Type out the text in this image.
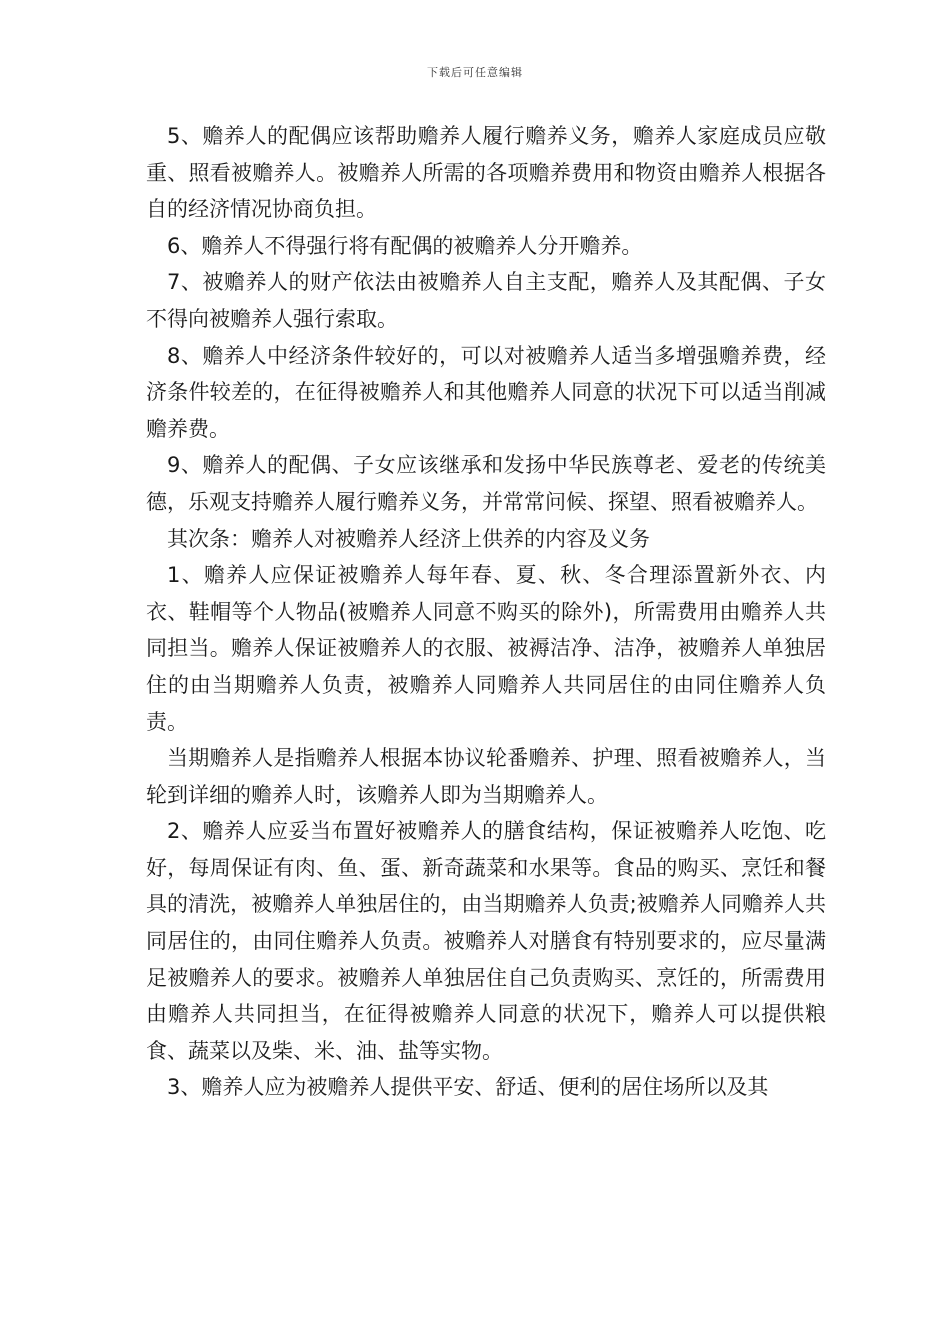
下载后可任意编辑

5、赡养人的配偶应该帮助赡养人履行赡养义务，赡养人家庭成员应敬重、照看被赡养人。被赡养人所需的各项赡养费用和物资由赡养人根据各自的经济情况协商负担。

6、赡养人不得强行将有配偶的被赡养人分开赡养。

7、被赡养人的财产依法由被赡养人自主支配，赡养人及其配偶、子女不得向被赡养人强行索取。

8、赡养人中经济条件较好的，可以对被赡养人适当多增强赡养费，经济条件较差的，在征得被赡养人和其他赡养人同意的状况下可以适当削减赡养费。

9、赡养人的配偶、子女应该继承和发扬中华民族尊老、爱老的传统美德，乐观支持赡养人履行赡养义务，并常常问候、探望、照看被赡养人。

其次条：赡养人对被赡养人经济上供养的内容及义务

1、赡养人应保证被赡养人每年春、夏、秋、冬合理添置新外衣、内衣、鞋帽等个人物品(被赡养人同意不购买的除外)，所需费用由赡养人共同担当。赡养人保证被赡养人的衣服、被褥洁净、洁净，被赡养人单独居住的由当期赡养人负责，被赡养人同赡养人共同居住的由同住赡养人负责。

当期赡养人是指赡养人根据本协议轮番赡养、护理、照看被赡养人，当轮到详细的赡养人时，该赡养人即为当期赡养人。

2、赡养人应妥当布置好被赡养人的膳食结构，保证被赡养人吃饱、吃好，每周保证有肉、鱼、蛋、新奇蔬菜和水果等。食品的购买、烹饪和餐具的清洗，被赡养人单独居住的，由当期赡养人负责;被赡养人同赡养人共同居住的，由同住赡养人负责。被赡养人对膳食有特别要求的，应尽量满足被赡养人的要求。被赡养人单独居住自己负责购买、烹饪的，所需费用由赡养人共同担当，在征得被赡养人同意的状况下，赡养人可以提供粮食、蔬菜以及柴、米、油、盐等实物。

3、赡养人应为被赡养人提供平安、舒适、便利的居住场所以及其
